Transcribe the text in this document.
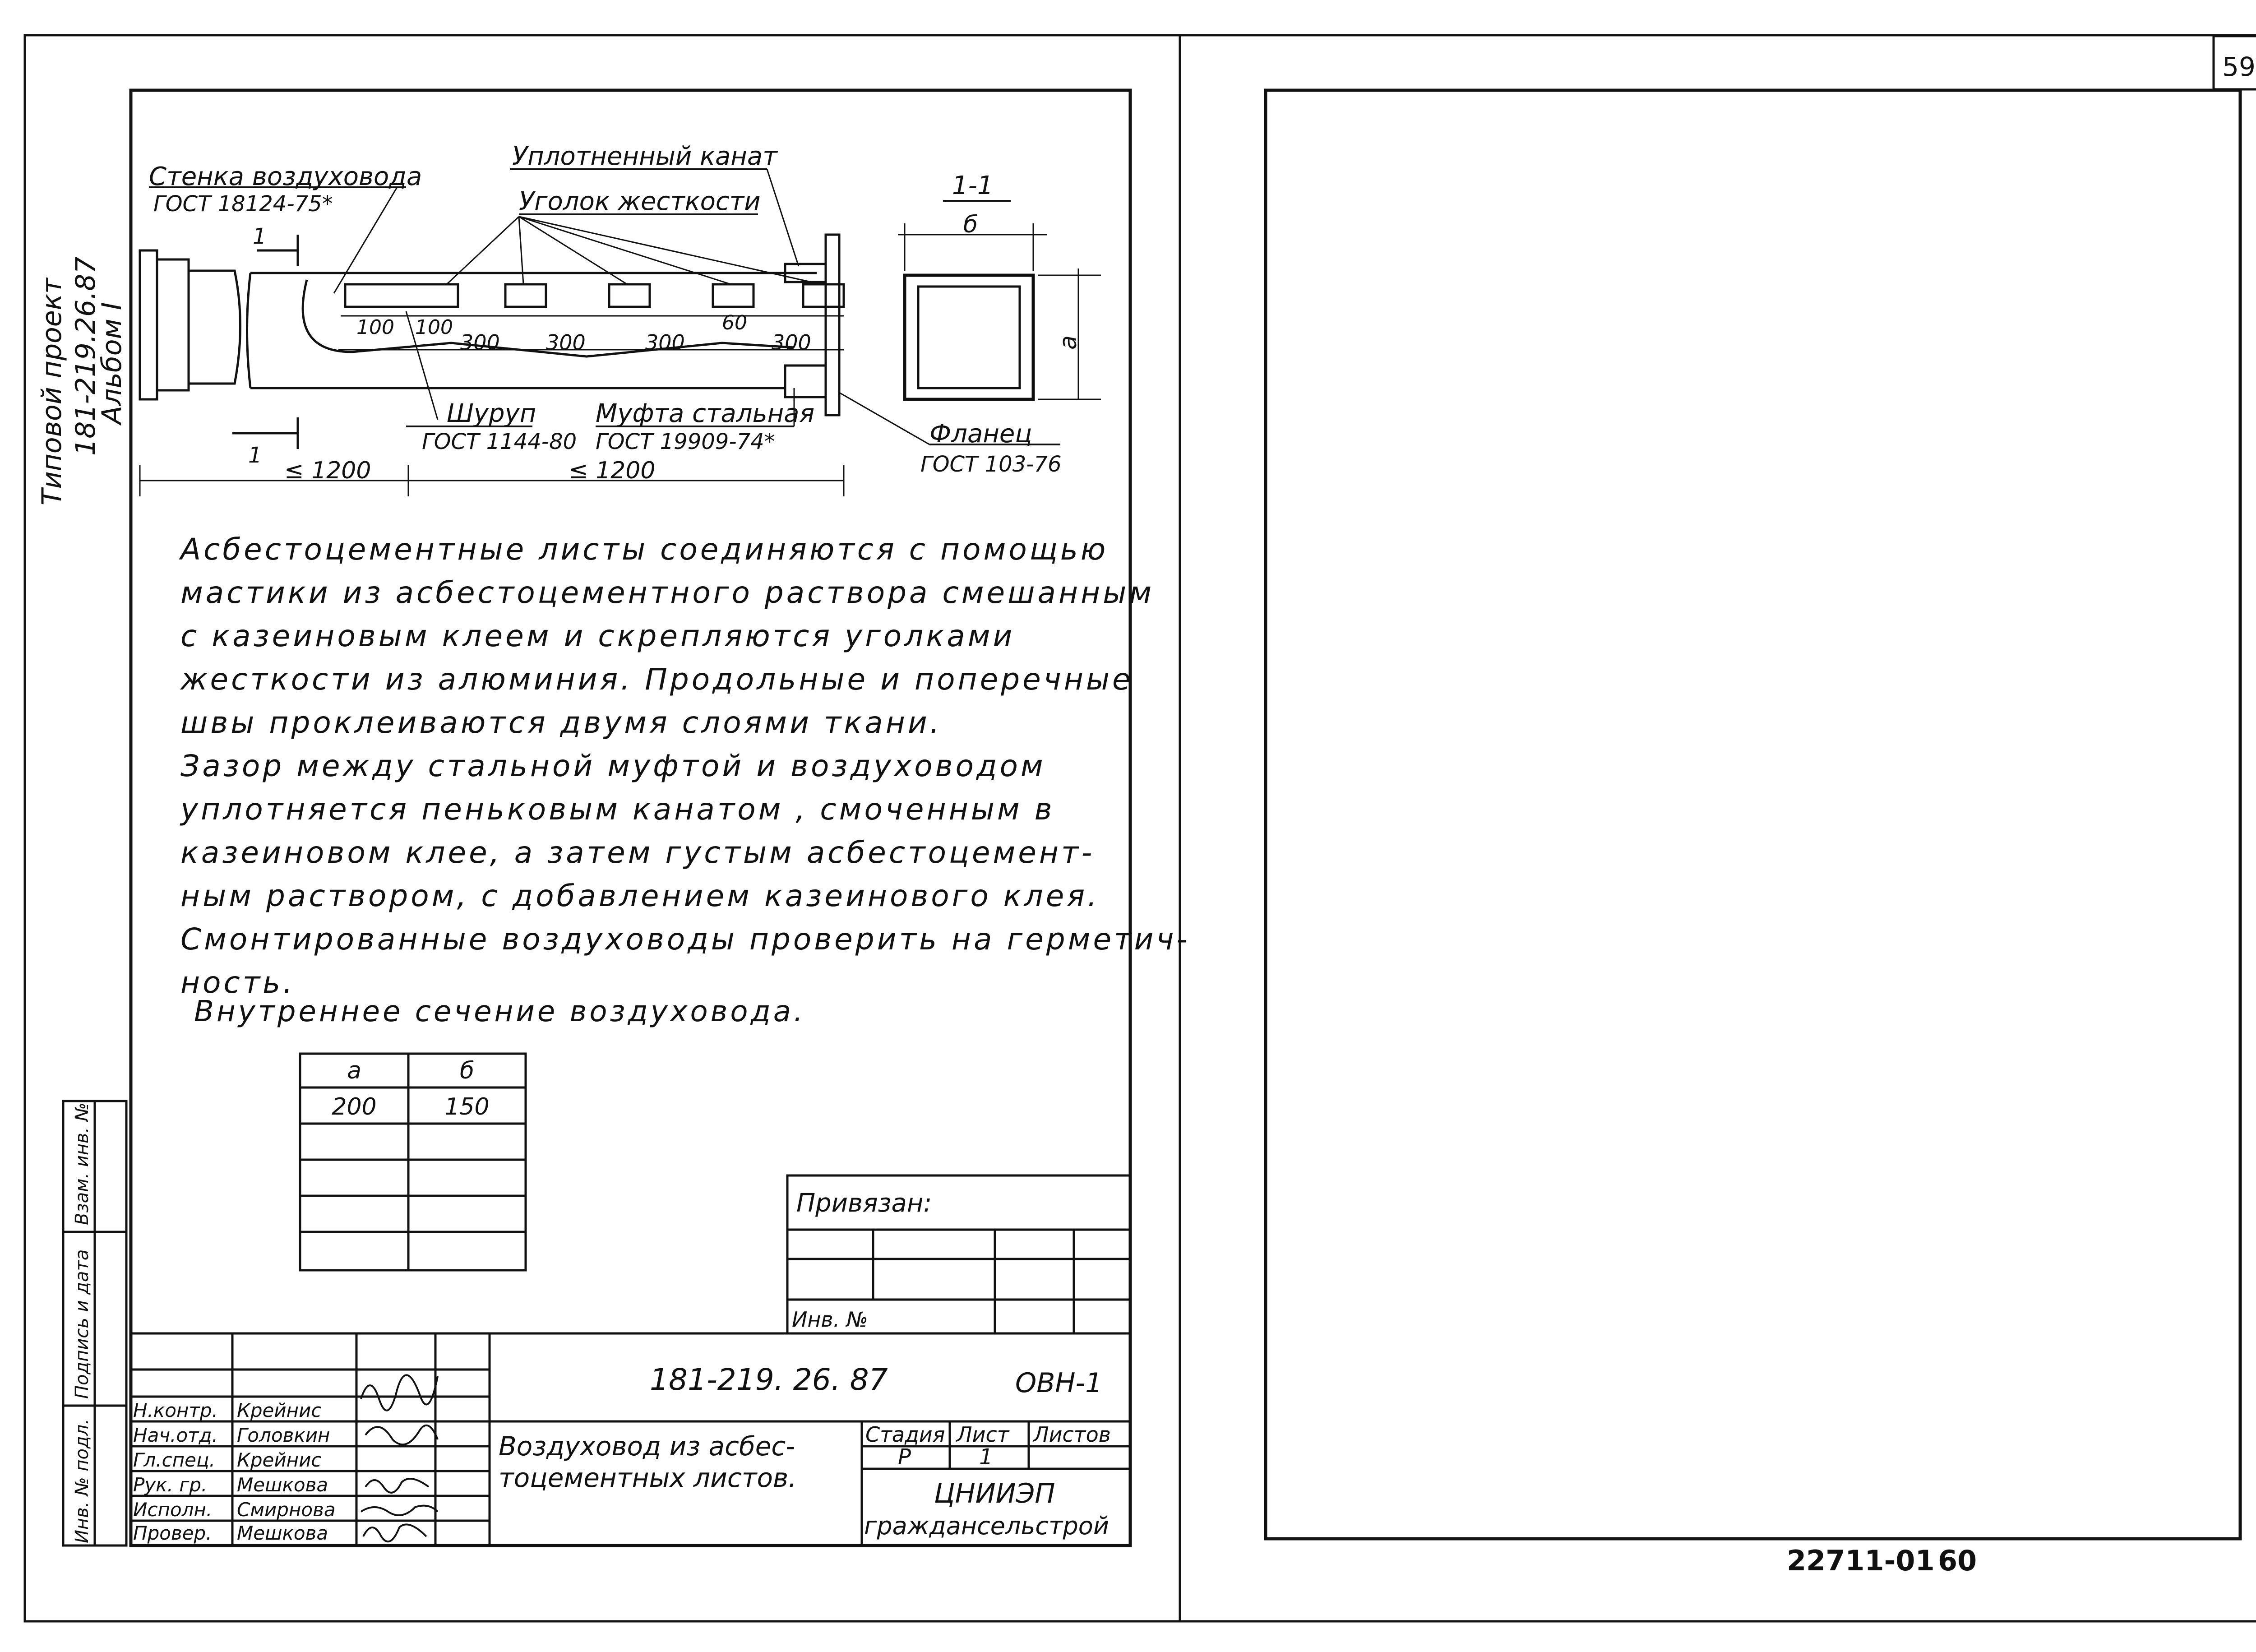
59
Типовой проект 181-219.26.87
Альбом I
Стенка воздуховода
ГОСТ 18124-75*
Уплотненный канат
Уголок жесткости
1
1
100 100	60
300 300	300	300
Шуруп
ГОСТ 1144-80
Муфта стальная
ГОСТ 19909-74*	Фланец
ГОСТ 103-76
≤ 1200	≤ 1200
1-1
б
а
а	б
200	150
Инв. № подл.
Подпись и дата
Взам. инв. №	Привязан:
Инв. №
181-219. 26. 87	ОВН-1
Воздуховод из асбес-
тоцементных листов.
Стадия Лист Листов
Р	1
ЦНИИЭП
граждансельстрой
Н.контр. Крейнис
Нач.отд. Головкин
Гл.спец. Крейнис
Рук. гр. Мешкова
Исполн. Смирнова
Провер. Мешкова
22711-01 60
Асбестоцементные листы соединяются с помощью
мастики из асбестоцементного раствора смешанным
с казеиновым клеем и скрепляются уголками
жесткости из алюминия. Продольные и поперечные
швы проклеиваются двумя слоями ткани.
Зазор между стальной муфтой и воздуховодом
уплотняется пеньковым канатом , смоченным в
казеиновом клее, а затем густым асбестоцемент-
ным раствором, с добавлением казеинового клея.
Смонтированные воздуховоды проверить на герметич-
ность.
Внутреннее сечение воздуховода.
